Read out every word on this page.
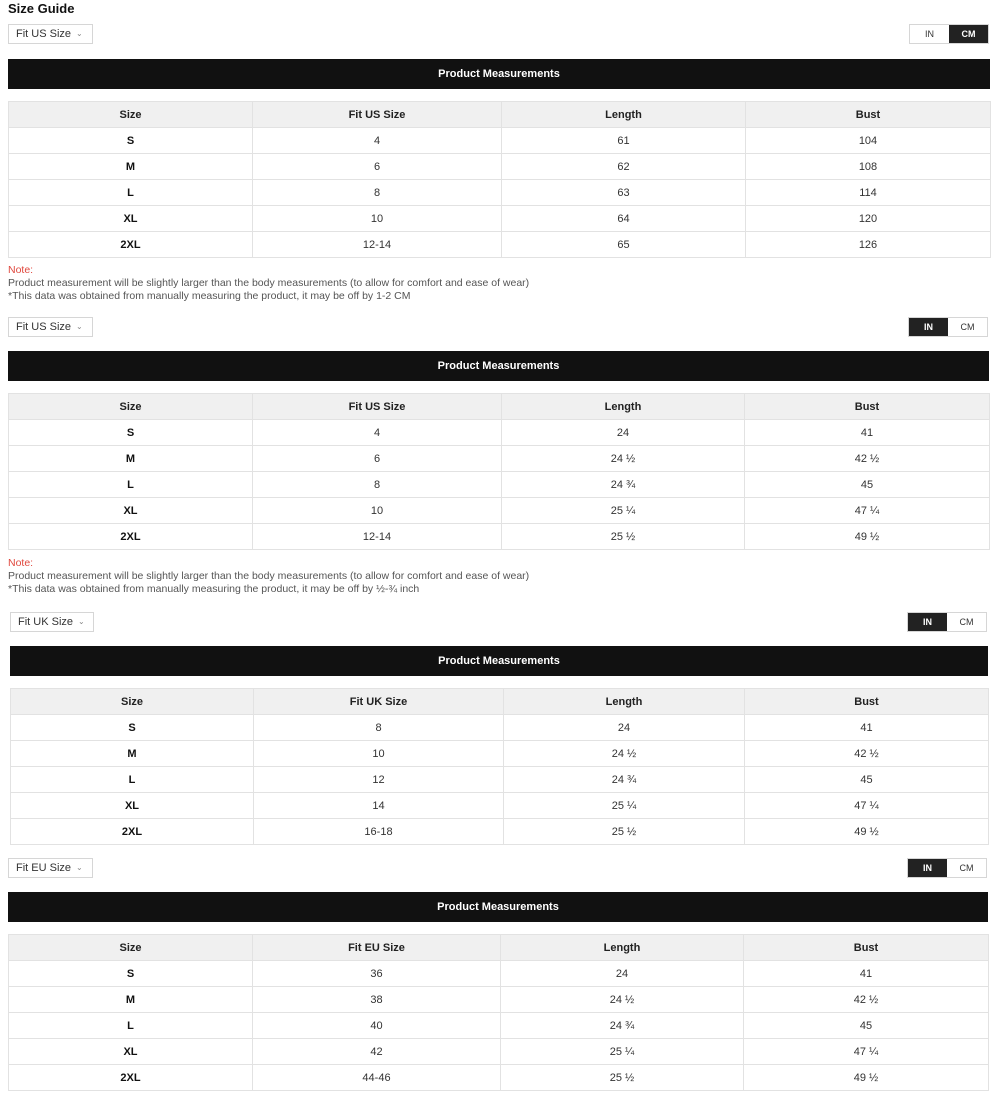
Size Guide
Fit US Size ⌄	IN	CM
Product Measurements
Size	Fit US Size	Length	Bust
S	4	61	104
M	6	62	108
L	8	63	114
XL	10	64	120
2XL	12-14	65	126
Note:
Product measurement will be slightly larger than the body measurements (to allow for comfort and ease of wear)
*This data was obtained from manually measuring the product, it may be off by 1-2 CM
Fit US Size ⌄	IN	CM
Product Measurements
Size	Fit US Size	Length	Bust
S	4	24	41
M	6	24 ½	42 ½
L	8	24 ¾	45
XL	10	25 ¼	47 ¼
2XL	12-14	25 ½	49 ½
Note:
Product measurement will be slightly larger than the body measurements (to allow for comfort and ease of wear)
*This data was obtained from manually measuring the product, it may be off by ½-¾ inch
Fit UK Size ⌄	IN	CM
Product Measurements
Size	Fit UK Size	Length	Bust
S	8	24	41
M	10	24 ½	42 ½
L	12	24 ¾	45
XL	14	25 ¼	47 ¼
2XL	16-18	25 ½	49 ½
Fit EU Size ⌄	IN	CM
Product Measurements
Size	Fit EU Size	Length	Bust
S	36	24	41
M	38	24 ½	42 ½
L	40	24 ¾	45
XL	42	25 ¼	47 ¼
2XL	44-46	25 ½	49 ½
